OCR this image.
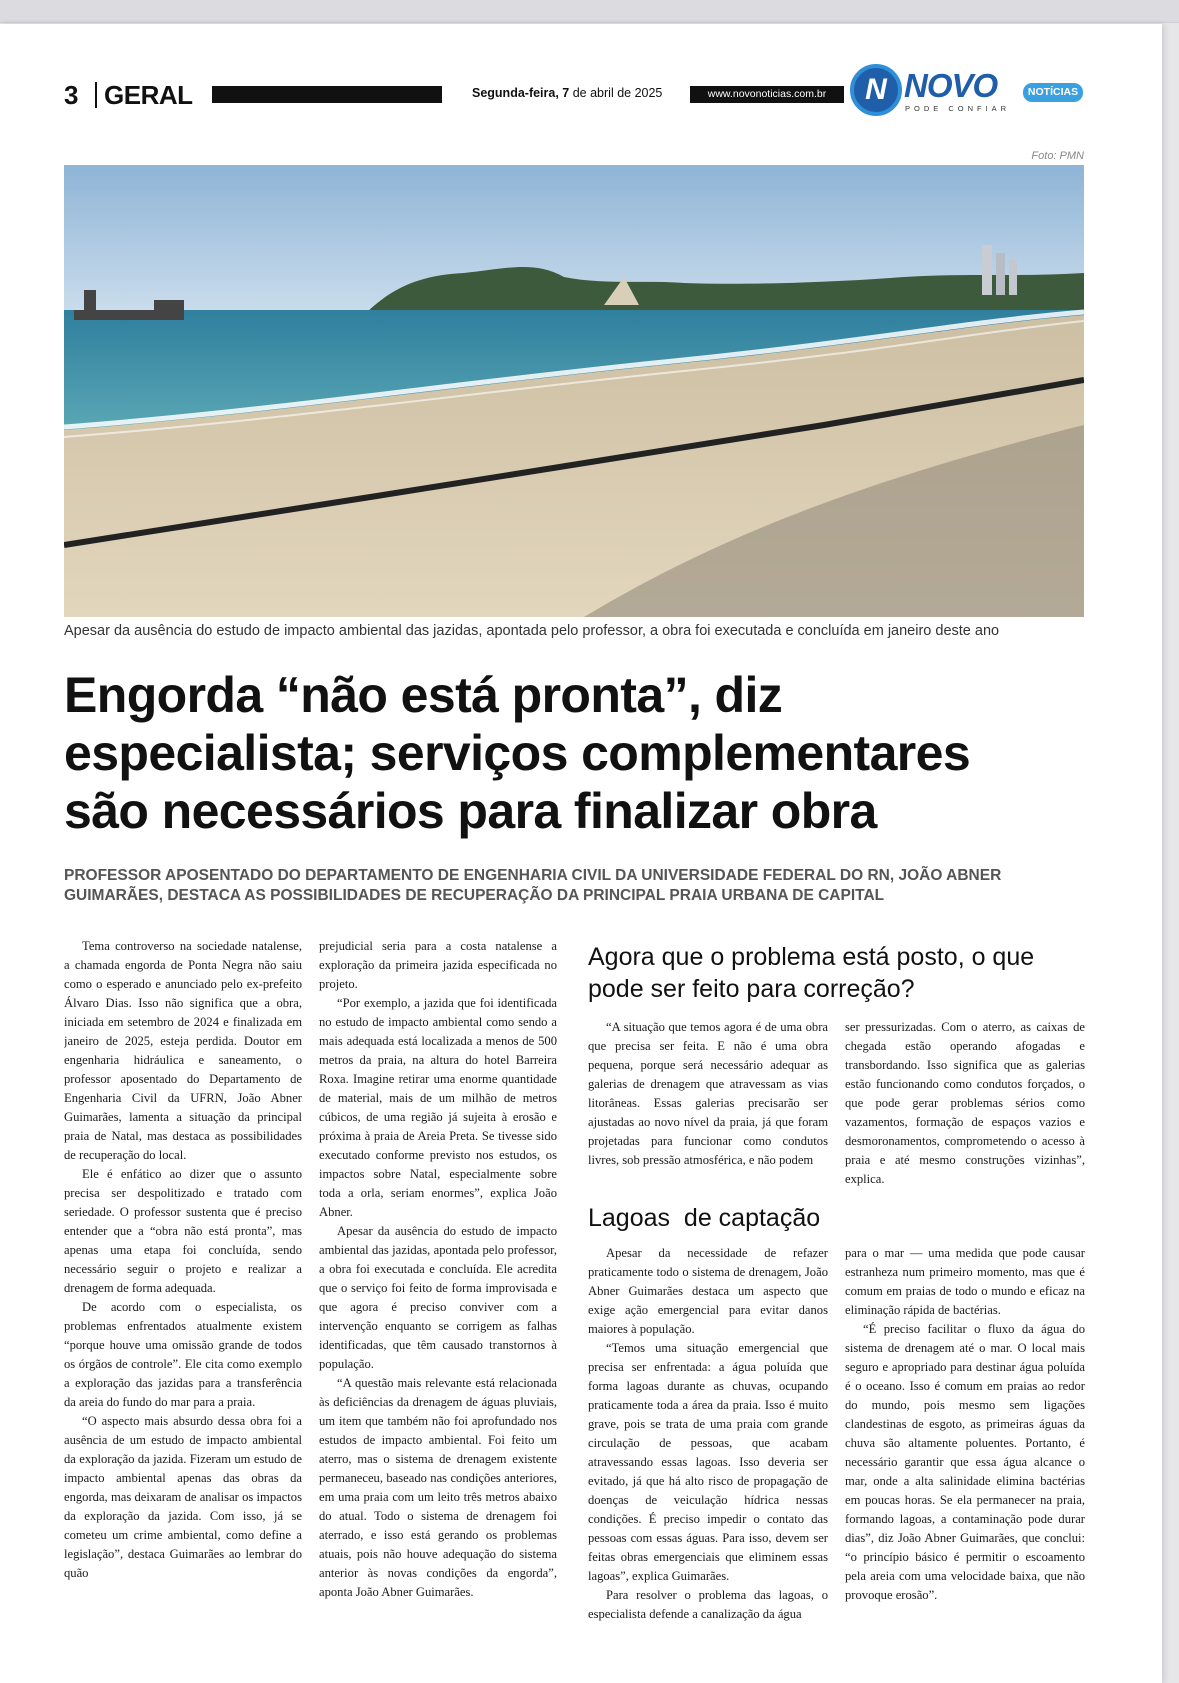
3 GERAL	Segunda-feira, 7 de abril de 2025	www.novonoticias.com.br	N NOVO	NOTÍCIAS
PODE CONFIAR
Foto: PMN
Apesar da ausência do estudo de impacto ambiental das jazidas, apontada pelo professor, a obra foi executada e concluída em janeiro deste ano
Engorda “não está pronta”, diz
especialista; serviços complementares
são necessários para finalizar obra
PROFESSOR APOSENTADO DO DEPARTAMENTO DE ENGENHARIA CIVIL DA UNIVERSIDADE FEDERAL DO RN, JOÃO ABNER
GUIMARÃES, DESTACA AS POSSIBILIDADES DE RECUPERAÇÃO DA PRINCIPAL PRAIA URBANA DE CAPITAL

Tema controverso na sociedade natalense, a chamada engorda de Ponta Negra não saiu como o esperado e anunciado pelo ex-prefeito Álvaro Dias. Isso não significa que a obra, iniciada em setembro de 2024 e finalizada em janeiro de 2025, esteja perdida. Doutor em engenharia hidráulica e saneamento, o professor aposentado do Departamento de Engenharia Civil da UFRN, João Abner Guimarães, lamenta a situação da principal praia de Natal, mas destaca as possibilidades de recuperação do local.

Ele é enfático ao dizer que o assunto precisa ser despolitizado e tratado com seriedade. O professor sustenta que é preciso entender que a “obra não está pronta”, mas apenas uma etapa foi concluída, sendo necessário seguir o projeto e realizar a drenagem de forma adequada.

De acordo com o especialista, os problemas enfrentados atualmente existem “porque houve uma omissão grande de todos os órgãos de controle”. Ele cita como exemplo a exploração das jazidas para a transferência da areia do fundo do mar para a praia.

“O aspecto mais absurdo dessa obra foi a ausência de um estudo de impacto ambiental da exploração da jazida. Fizeram um estudo de impacto ambiental apenas das obras da engorda, mas deixaram de analisar os impactos da exploração da jazida. Com isso, já se cometeu um crime ambiental, como define a legislação”, destaca Guimarães ao lembrar do quão

prejudicial seria para a costa natalense a exploração da primeira jazida especificada no projeto.

“Por exemplo, a jazida que foi identificada no estudo de impacto ambiental como sendo a mais adequada está localizada a menos de 500 metros da praia, na altura do hotel Barreira Roxa. Imagine retirar uma enorme quantidade de material, mais de um milhão de metros cúbicos, de uma região já sujeita à erosão e próxima à praia de Areia Preta. Se tivesse sido executado conforme previsto nos estudos, os impactos sobre Natal, especialmente sobre toda a orla, seriam enormes”, explica João Abner.

Apesar da ausência do estudo de impacto ambiental das jazidas, apontada pelo professor, a obra foi executada e concluída. Ele acredita que o serviço foi feito de forma improvisada e que agora é preciso conviver com a intervenção enquanto se corrigem as falhas identificadas, que têm causado transtornos à população.

“A questão mais relevante está relacionada às deficiências da drenagem de águas pluviais, um item que também não foi aprofundado nos estudos de impacto ambiental. Foi feito um aterro, mas o sistema de drenagem existente permaneceu, baseado nas condições anteriores, em uma praia com um leito três metros abaixo do atual. Todo o sistema de drenagem foi aterrado, e isso está gerando os problemas atuais, pois não houve adequação do sistema anterior às novas condições da engorda”, aponta João Abner Guimarães.

Agora que o problema está posto, o que pode ser feito para correção?

“A situação que temos agora é de uma obra que precisa ser feita. E não é uma obra pequena, porque será necessário adequar as galerias de drenagem que atravessam as vias litorâneas. Essas galerias precisarão ser ajustadas ao novo nível da praia, já que foram projetadas para funcionar como condutos livres, sob pressão atmosférica, e não podem

ser pressurizadas. Com o aterro, as caixas de chegada estão operando afogadas e transbordando. Isso significa que as galerias estão funcionando como condutos forçados, o que pode gerar problemas sérios como vazamentos, formação de espaços vazios e desmoronamentos, comprometendo o acesso à praia e até mesmo construções vizinhas”, explica.

Lagoas  de captação

Apesar da necessidade de refazer praticamente todo o sistema de drenagem, João Abner Guimarães destaca um aspecto que exige ação emergencial para evitar danos maiores à população.

“Temos uma situação emergencial que precisa ser enfrentada: a água poluída que forma lagoas durante as chuvas, ocupando praticamente toda a área da praia. Isso é muito grave, pois se trata de uma praia com grande circulação de pessoas, que acabam atravessando essas lagoas. Isso deveria ser evitado, já que há alto risco de propagação de doenças de veiculação hídrica nessas condições. É preciso impedir o contato das pessoas com essas águas. Para isso, devem ser feitas obras emergenciais que eliminem essas lagoas”, explica Guimarães.

Para resolver o problema das lagoas, o especialista defende a canalização da água

para o mar — uma medida que pode causar estranheza num primeiro momento, mas que é comum em praias de todo o mundo e eficaz na eliminação rápida de bactérias.

“É preciso facilitar o fluxo da água do sistema de drenagem até o mar. O local mais seguro e apropriado para destinar água poluída é o oceano. Isso é comum em praias ao redor do mundo, pois mesmo sem ligações clandestinas de esgoto, as primeiras águas da chuva são altamente poluentes. Portanto, é necessário garantir que essa água alcance o mar, onde a alta salinidade elimina bactérias em poucas horas. Se ela permanecer na praia, formando lagoas, a contaminação pode durar dias”, diz João Abner Guimarães, que conclui: “o princípio básico é permitir o escoamento pela areia com uma velocidade baixa, que não provoque erosão”.
